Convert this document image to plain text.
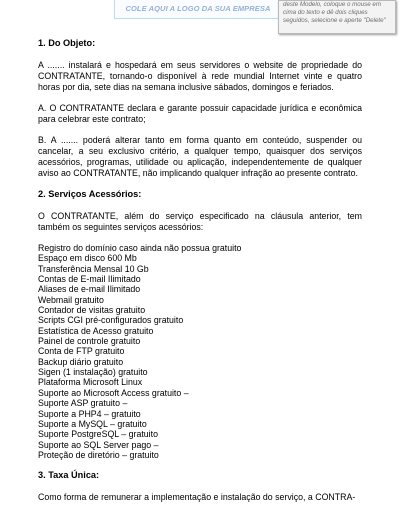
COLE AQUI A LOGO DA SUA EMPRESA	deste Modelo, coloque o mouse em cima do texto e dê dois cliques seguidos, selecione e aperte "Delete"
1. Do Objeto:

A ....... instalará e hospedará em seus servidores o website de propriedade do CONTRATANTE, tornando-o disponível à rede mundial Internet vinte e quatro horas por dia, sete dias na semana inclusive sábados, domingos e feriados.

A. O CONTRATANTE declara e garante possuir capacidade jurídica e econômica para celebrar este contrato;

B. A ....... poderá alterar tanto em forma quanto em conteúdo, suspender ou cancelar, a seu exclusivo critério, a qualquer tempo, quaisquer dos serviços acessórios, programas, utilidade ou aplicação, independentemente de qualquer aviso ao CONTRATANTE, não implicando qualquer infração ao presente contrato.

2. Serviços Acessórios:

O CONTRATANTE, além do serviço especificado na cláusula anterior, tem também os seguintes serviços acessórios:

Registro do domínio caso ainda não possua gratuito
Espaço em disco 600 Mb
Transferência Mensal 10 Gb
Contas de E-mail Ilimitado
Aliases de e-mail Ilimitado
Webmail gratuito
Contador de visitas gratuito
Scripts CGI pré-configurados gratuito
Estatística de Acesso gratuito
Painel de controle gratuito
Conta de FTP gratuito
Backup diário gratuito
Sigen (1 instalação) gratuito
Plataforma Microsoft Linux
Suporte ao Microsoft Access gratuito –
Suporte ASP gratuito –
Suporte a PHP4 – gratuito
Suporte a MySQL – gratuito
Suporte PostgreSQL – gratuito
Suporte ao SQL Server pago –
Proteção de diretório – gratuito
3. Taxa Única:

Como forma de remunerar a implementação e instalação do serviço, a CONTRA-
